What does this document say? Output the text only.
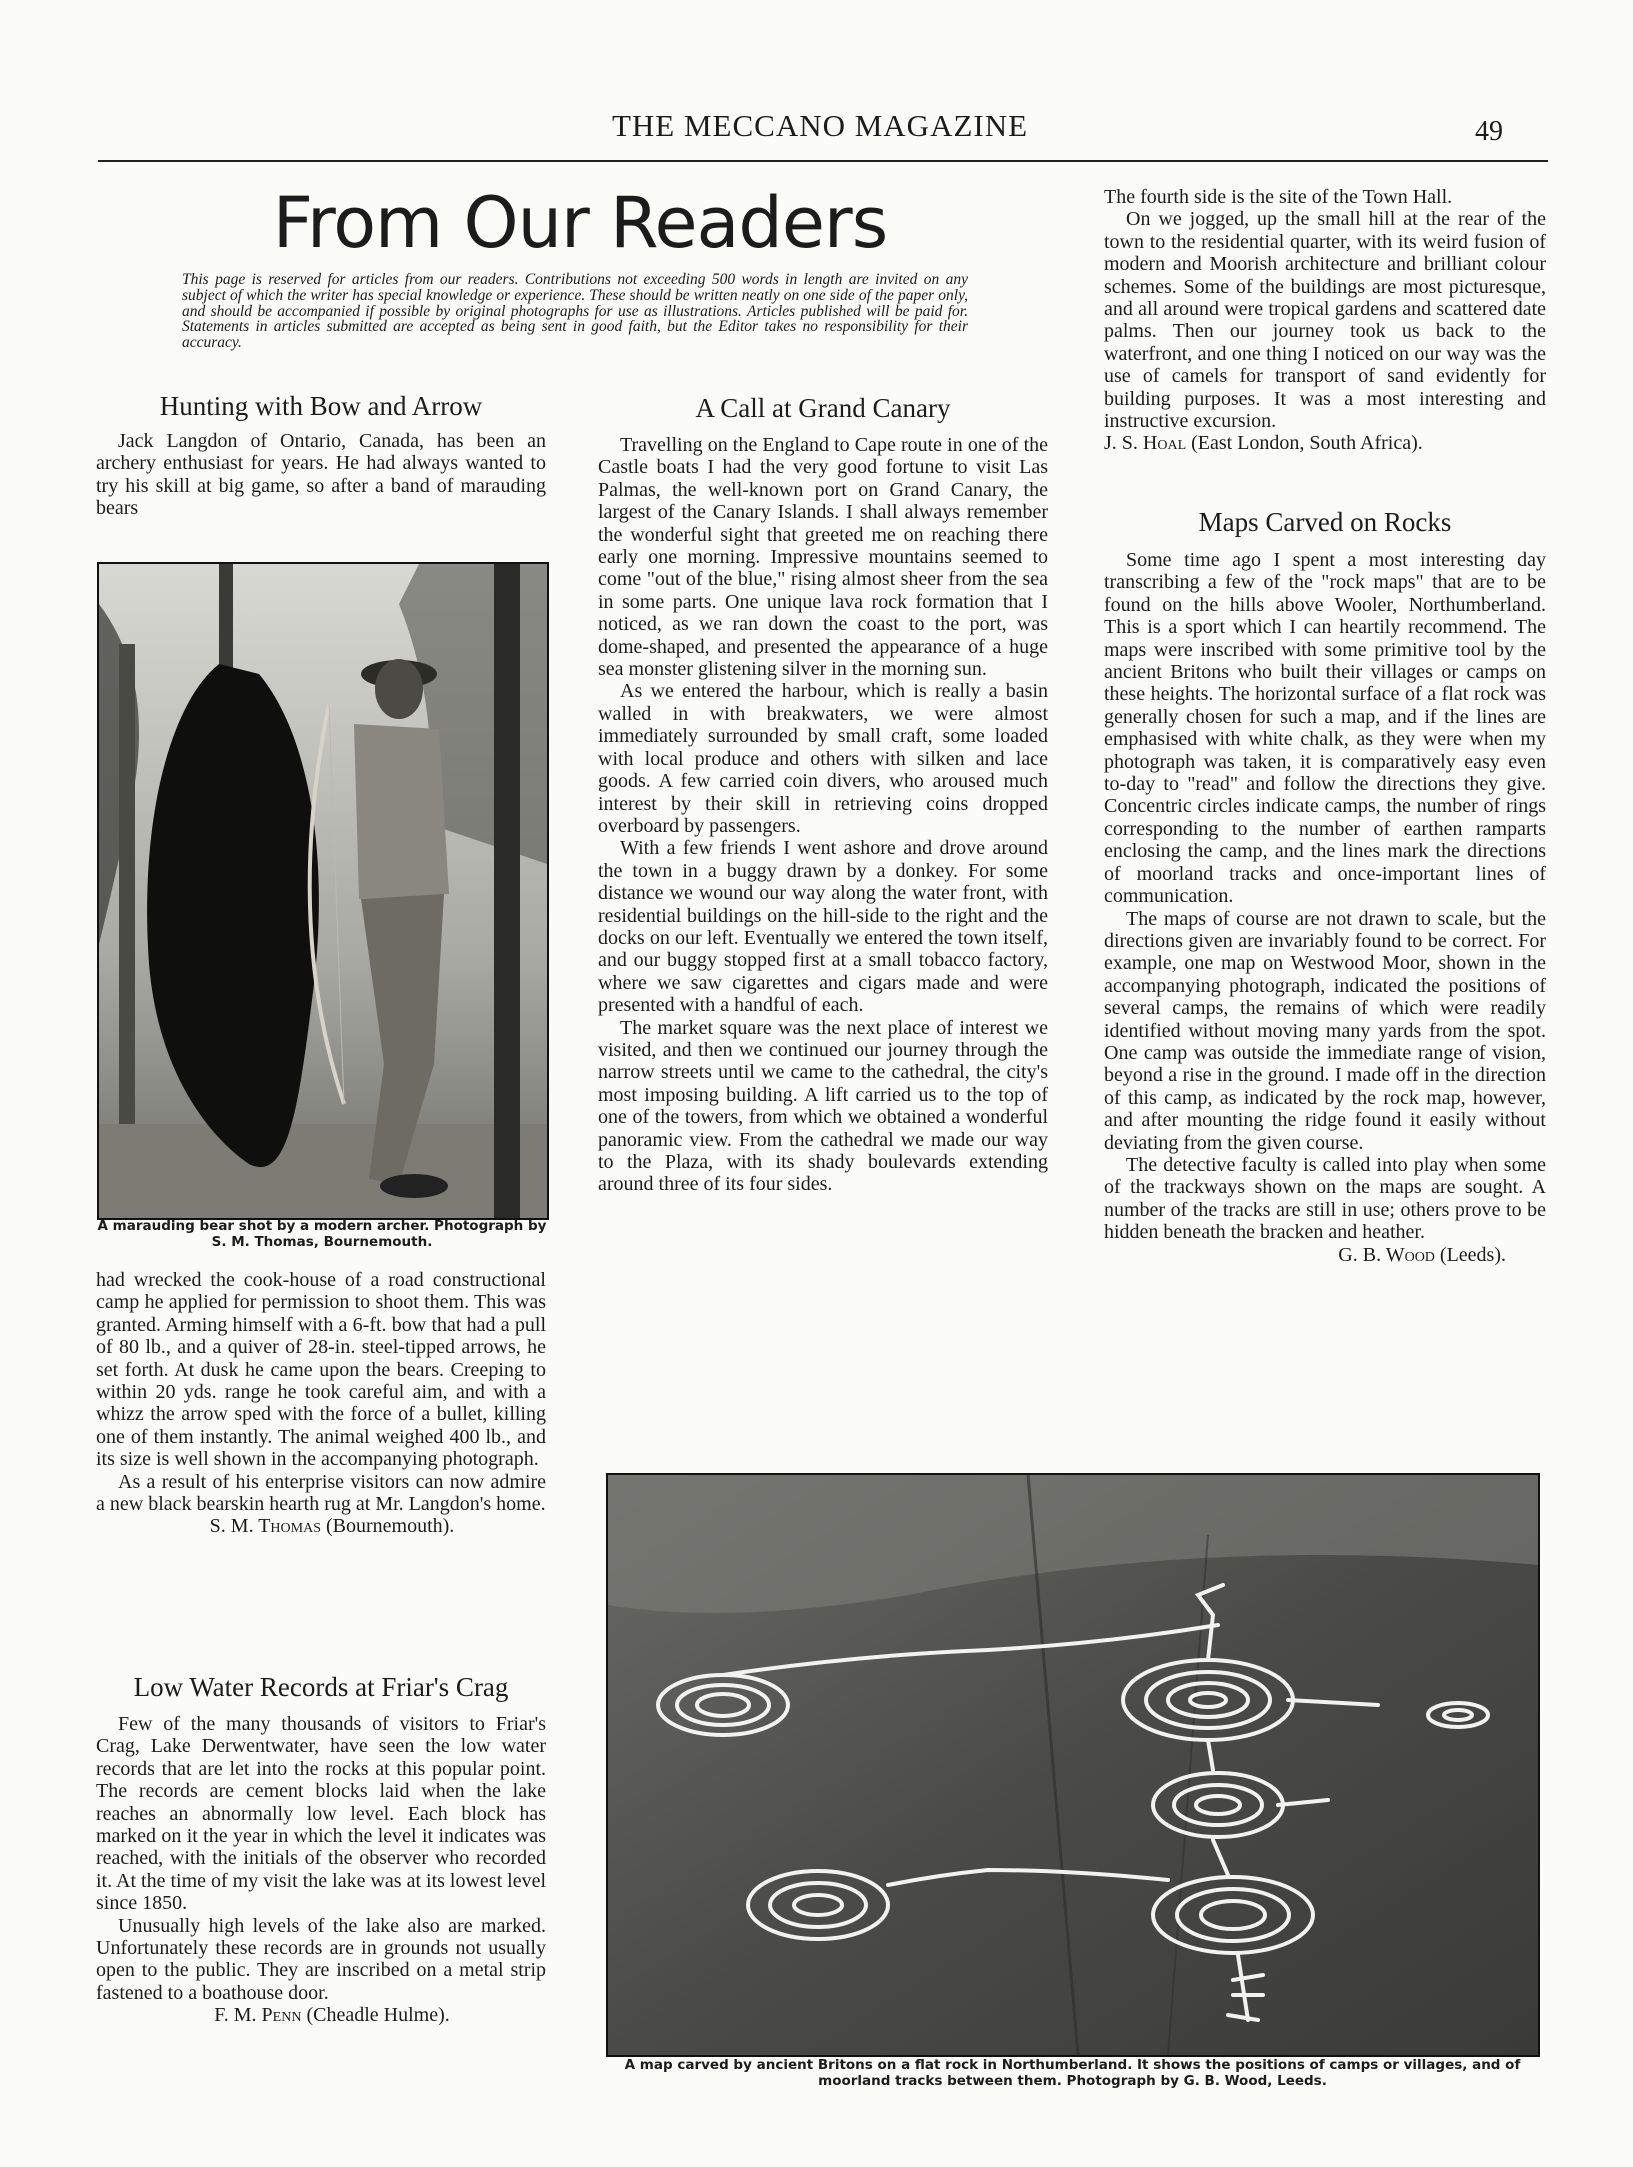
THE MECCANO MAGAZINE	49
From Our Readers
This page is reserved for articles from our readers. Contributions not exceeding 500 words in length are invited on any subject of which the writer has special knowledge or experience. These should be written neatly on one side of the paper only, and should be accompanied if possible by original photographs for use as illustrations. Articles published will be paid for. Statements in articles submitted are accepted as being sent in good faith, but the Editor takes no responsibility for their accuracy.
Hunting with Bow and Arrow

Jack Langdon of Ontario, Canada, has been an archery enthusiast for years. He had always wanted to try his skill at big game, so after a band of marauding bears

A marauding bear shot by a modern archer. Photograph by S. M. Thomas, Bournemouth.

had wrecked the cook-house of a road constructional camp he applied for permission to shoot them. This was granted. Arming himself with a 6-ft. bow that had a pull of 80 lb., and a quiver of 28-in. steel-tipped arrows, he set forth. At dusk he came upon the bears. Creeping to within 20 yds. range he took careful aim, and with a whizz the arrow sped with the force of a bullet, killing one of them instantly. The animal weighed 400 lb., and its size is well shown in the accompanying photograph.

As a result of his enterprise visitors can now admire a new black bearskin hearth rug at Mr. Langdon's home.

S. M. Thomas (Bournemouth).

Low Water Records at Friar's Crag

Few of the many thousands of visitors to Friar's Crag, Lake Derwentwater, have seen the low water records that are let into the rocks at this popular point. The records are cement blocks laid when the lake reaches an abnormally low level. Each block has marked on it the year in which the level it indicates was reached, with the initials of the observer who recorded it. At the time of my visit the lake was at its lowest level since 1850.

Unusually high levels of the lake also are marked. Unfortunately these records are in grounds not usually open to the public. They are inscribed on a metal strip fastened to a boathouse door.

F. M. Penn (Cheadle Hulme).

A Call at Grand Canary

Travelling on the England to Cape route in one of the Castle boats I had the very good fortune to visit Las Palmas, the well-known port on Grand Canary, the largest of the Canary Islands. I shall always remember the wonderful sight that greeted me on reaching there early one morning. Impressive mountains seemed to come "out of the blue," rising almost sheer from the sea in some parts. One unique lava rock formation that I noticed, as we ran down the coast to the port, was dome-shaped, and presented the appearance of a huge sea monster glistening silver in the morning sun.

As we entered the harbour, which is really a basin walled in with breakwaters, we were almost immediately surrounded by small craft, some loaded with local produce and others with silken and lace goods. A few carried coin divers, who aroused much interest by their skill in retrieving coins dropped overboard by passengers.

With a few friends I went ashore and drove around the town in a buggy drawn by a donkey. For some distance we wound our way along the water front, with residential buildings on the hill-side to the right and the docks on our left. Eventually we entered the town itself, and our buggy stopped first at a small tobacco factory, where we saw cigarettes and cigars made and were presented with a handful of each.

The market square was the next place of interest we visited, and then we continued our journey through the narrow streets until we came to the cathedral, the city's most imposing building. A lift carried us to the top of one of the towers, from which we obtained a wonderful panoramic view. From the cathedral we made our way to the Plaza, with its shady boulevards extending around three of its four sides.

The fourth side is the site of the Town Hall.

On we jogged, up the small hill at the rear of the town to the residential quarter, with its weird fusion of modern and Moorish architecture and brilliant colour schemes. Some of the buildings are most picturesque, and all around were tropical gardens and scattered date palms. Then our journey took us back to the waterfront, and one thing I noticed on our way was the use of camels for transport of sand evidently for building purposes. It was a most interesting and instructive excursion.

J. S. Hoal (East London, South Africa).

Maps Carved on Rocks

Some time ago I spent a most interesting day transcribing a few of the "rock maps" that are to be found on the hills above Wooler, Northumberland. This is a sport which I can heartily recommend. The maps were inscribed with some primitive tool by the ancient Britons who built their villages or camps on these heights. The horizontal surface of a flat rock was generally chosen for such a map, and if the lines are emphasised with white chalk, as they were when my photograph was taken, it is comparatively easy even to-day to "read" and follow the directions they give. Concentric circles indicate camps, the number of rings corresponding to the number of earthen ramparts enclosing the camp, and the lines mark the directions of moorland tracks and once-important lines of communication.

The maps of course are not drawn to scale, but the directions given are invariably found to be correct. For example, one map on Westwood Moor, shown in the accompanying photograph, indicated the positions of several camps, the remains of which were readily identified without moving many yards from the spot. One camp was outside the immediate range of vision, beyond a rise in the ground. I made off in the direction of this camp, as indicated by the rock map, however, and after mounting the ridge found it easily without deviating from the given course.

The detective faculty is called into play when some of the trackways shown on the maps are sought. A number of the tracks are still in use; others prove to be hidden beneath the bracken and heather.

G. B. Wood (Leeds).

A map carved by ancient Britons on a flat rock in Northumberland. It shows the positions of camps or villages, and of moorland tracks between them. Photograph by G. B. Wood, Leeds.
